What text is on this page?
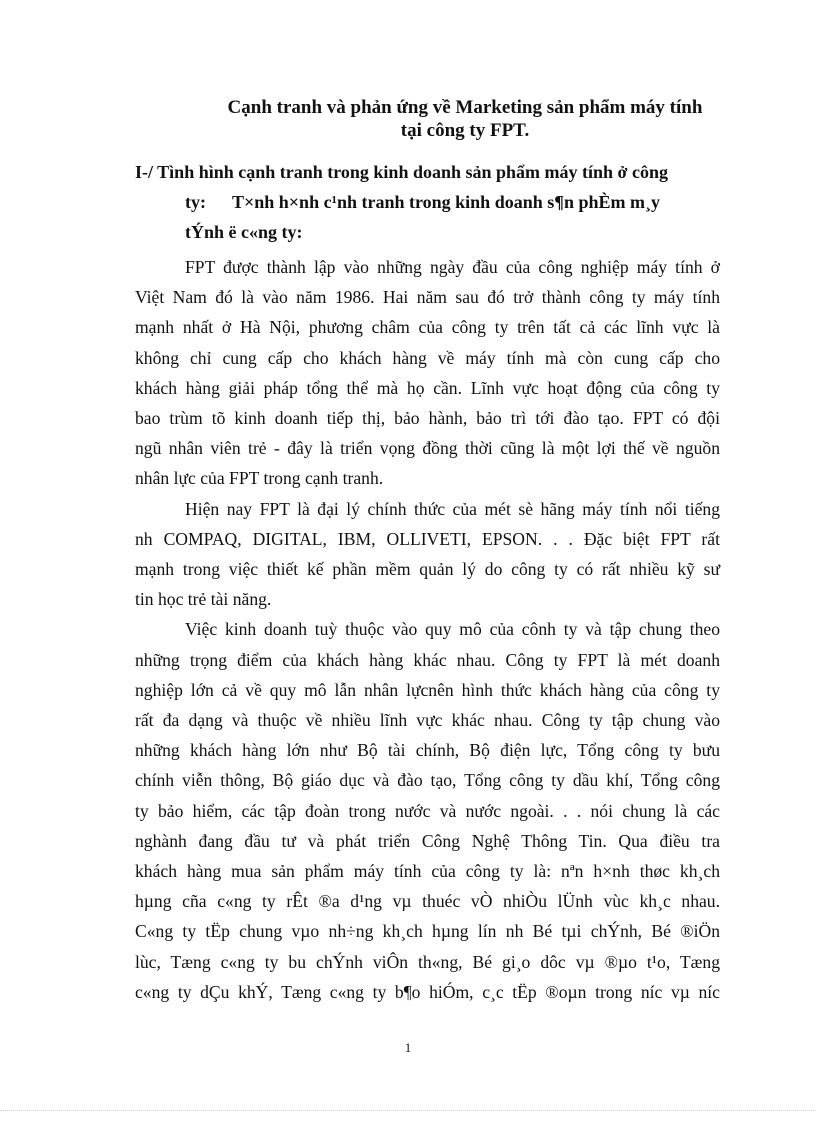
Cạnh tranh và phản ứng về Marketing sản phẩm máy tính
tại công ty FPT.
I-/ Tình hình cạnh tranh trong kinh doanh sản phẩm máy tính ở công
ty: T×nh h×nh c¹nh tranh trong kinh doanh s¶n phÈm m¸y
tÝnh ë c«ng ty:
FPT được thành lập vào những ngày đầu của công nghiệp máy tính ở
Việt Nam đó là vào năm 1986. Hai năm sau đó trở thành công ty máy tính
mạnh nhất ở Hà Nội, phương châm của công ty trên tất cả các lĩnh vực là
không chỉ cung cấp cho khách hàng về máy tính mà còn cung cấp cho
khách hàng giải pháp tổng thể mà họ cần. Lĩnh vực hoạt động của công ty
bao trùm tõ kinh doanh tiếp thị, bảo hành, bảo trì tới đào tạo. FPT có đội
ngũ nhân viên trẻ - đây là triển vọng đồng thời cũng là một lợi thế về nguồn
nhân lực của FPT trong cạnh tranh.
Hiện nay FPT là đại lý chính thức của mét sè hãng máy tính nổi tiếng
nh COMPAQ, DIGITAL, IBM, OLLIVETI, EPSON. . . Đặc biệt FPT rất
mạnh trong việc thiết kế phần mềm quản lý do công ty có rất nhiều kỹ sư
tin học trẻ tài năng.
Việc kinh doanh tuỳ thuộc vào quy mô của cônh ty và tập chung theo
những trọng điểm của khách hàng khác nhau. Công ty FPT là mét doanh
nghiệp lớn cả về quy mô lẫn nhân lựcnên hình thức khách hàng của công ty
rất đa dạng và thuộc về nhiều lĩnh vực khác nhau. Công ty tập chung vào
những khách hàng lớn như Bộ tài chính, Bộ điện lực, Tổng công ty bưu
chính viễn thông, Bộ giáo dục và đào tạo, Tổng công ty dầu khí, Tổng công
ty bảo hiểm, các tập đoàn trong nước và nước ngoài. . . nói chung là các
nghành đang đầu tư và phát triển Công Nghệ Thông Tin. Qua điều tra
khách hàng mua sản phẩm máy tính của công ty là: nªn h×nh thøc kh¸ch
hµng cña c«ng ty rÊt ®a d¹ng vµ thuéc vÒ nhiÒu lÜnh vùc kh¸c nhau.
C«ng ty tËp chung vµo nh÷ng kh¸ch hµng lín nh Bé tµi chÝnh, Bé ®iÖn
lùc, Tæng c«ng ty bu chÝnh viÔn th«ng, Bé gi¸o dôc vµ ®µo t¹o, Tæng
c«ng ty dÇu khÝ, Tæng c«ng ty b¶o hiÓm, c¸c tËp ®oµn trong níc vµ níc
1
